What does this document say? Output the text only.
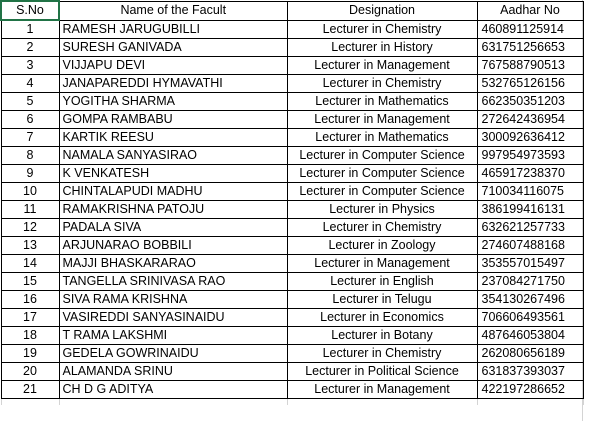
S.No	Name of the Facult	Designation	Aadhar No
1	RAMESH JARUGUBILLI	Lecturer in Chemistry	460891125914
2	SURESH GANIVADA	Lecturer in History	631751256653
3	VIJJAPU DEVI	Lecturer in Management	767588790513
4	JANAPAREDDI HYMAVATHI	Lecturer in Chemistry	532765126156
5	YOGITHA SHARMA	Lecturer in Mathematics	662350351203
6	GOMPA RAMBABU	Lecturer in Management	272642436954
7	KARTIK REESU	Lecturer in Mathematics	300092636412
8	NAMALA SANYASIRAO	Lecturer in Computer Science	997954973593
9	K VENKATESH	Lecturer in Computer Science	465917238370
10	CHINTALAPUDI MADHU	Lecturer in Computer Science	710034116075
11	RAMAKRISHNA PATOJU	Lecturer in Physics	386199416131
12	PADALA SIVA	Lecturer in Chemistry	632621257733
13	ARJUNARAO BOBBILI	Lecturer in Zoology	274607488168
14	MAJJI BHASKARARAO	Lecturer in Management	353557015497
15	TANGELLA SRINIVASA RAO	Lecturer in English	237084271750
16	SIVA RAMA KRISHNA	Lecturer in Telugu	354130267496
17	VASIREDDI SANYASINAIDU	Lecturer in Economics	706606493561
18	T RAMA LAKSHMI	Lecturer in Botany	487646053804
19	GEDELA GOWRINAIDU	Lecturer in Chemistry	262080656189
20	ALAMANDA SRINU	Lecturer in Political Science	631837393037
21	CH D G ADITYA	Lecturer in Management	422197286652
